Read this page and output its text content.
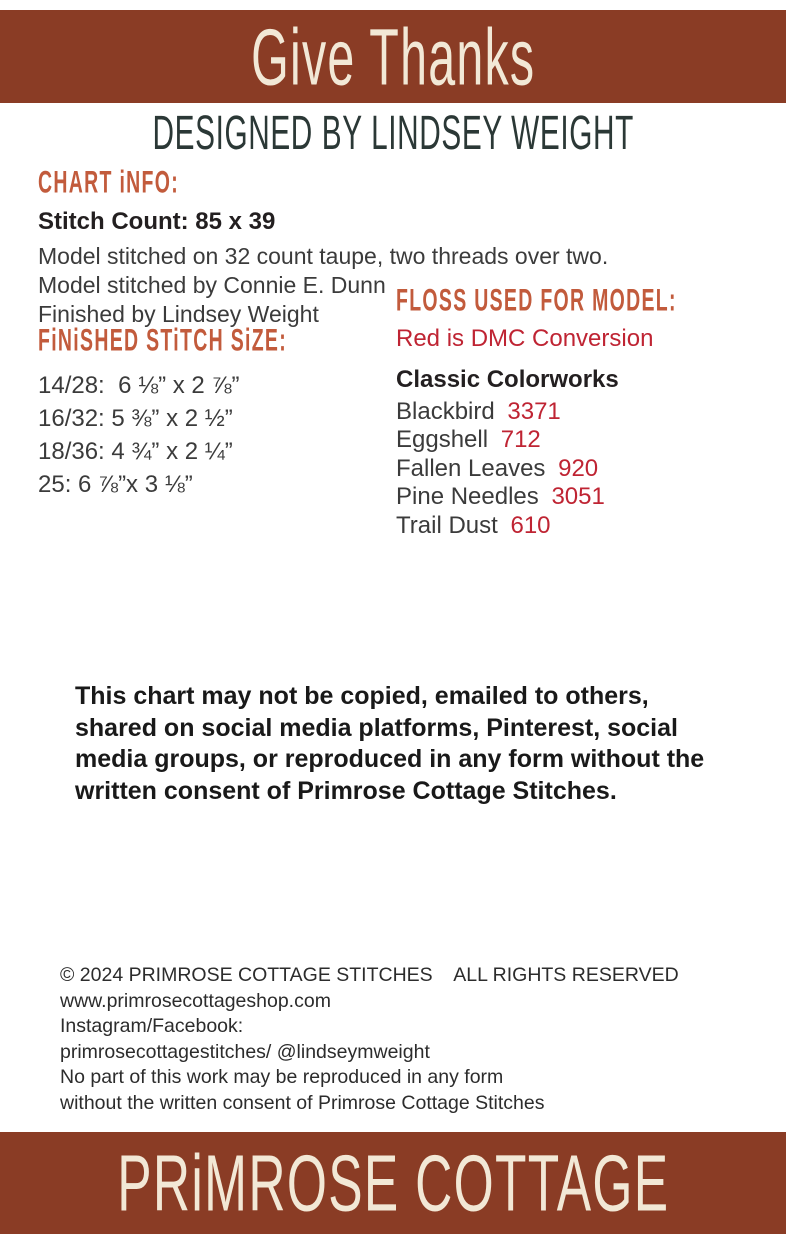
Give Thanks
DESIGNED BY LINDSEY WEIGHT
CHART iNFO:

Stitch Count: 85 x 39

Model stitched on 32 count taupe, two threads over two.

Model stitched by Connie E. Dunn

Finished by Lindsey Weight

FiNiSHED STiTCH SiZE:

14/28:  6 ⅛” x 2 ⅞”

16/32: 5 ⅜” x 2 ½”

18/36: 4 ¾” x 2 ¼”

25: 6 ⅞”x 3 ⅛”

FLOSS USED FOR MODEL:

Red is DMC Conversion

Classic Colorworks

Blackbird 3371

Eggshell 712

Fallen Leaves 920

Pine Needles 3051

Trail Dust 610

This chart may not be copied, emailed to others, shared on social media platforms, Pinterest, social media groups, or reproduced in any form without the written consent of Primrose Cottage Stitches.

© 2024 PRIMROSE COTTAGE STITCHES    ALL RIGHTS RESERVED

www.primrosecottageshop.com

Instagram/Facebook:

primrosecottagestitches/ @lindseymweight

No part of this work may be reproduced in any form

without the written consent of Primrose Cottage Stitches

PRiMROSE COTTAGE
